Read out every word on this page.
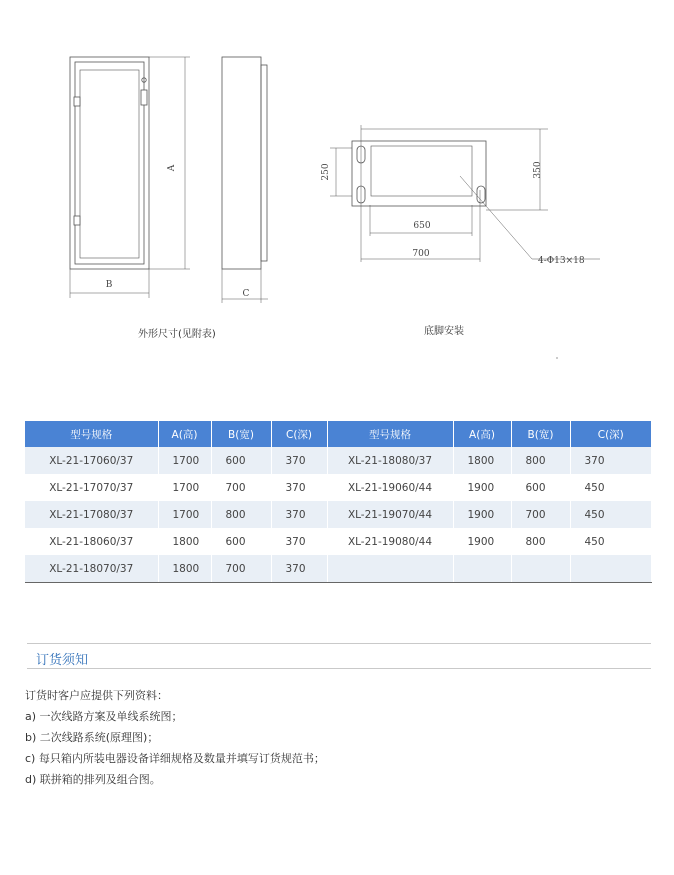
A
B
C
250	350
650
700
4-Φ13×18
外形尺寸(见附表)	底脚安装
型号规格	A(高)	B(宽)	C(深)	型号规格	A(高)	B(宽)	C(深)
XL-21-17060/37	1700	600	370	XL-21-18080/37	1800	800	370
XL-21-17070/37	1700	700	370	XL-21-19060/44	1900	600	450
XL-21-17080/37	1700	800	370	XL-21-19070/44	1900	700	450
XL-21-18060/37	1800	600	370	XL-21-19080/44	1900	800	450
XL-21-18070/37	1800	700	370				
订货须知
订货时客户应提供下列资料：
a) 一次线路方案及单线系统图；
b) 二次线路系统(原理图)；
c) 每只箱内所装电器设备详细规格及数量并填写订货规范书；
d) 联拼箱的排列及组合图。
